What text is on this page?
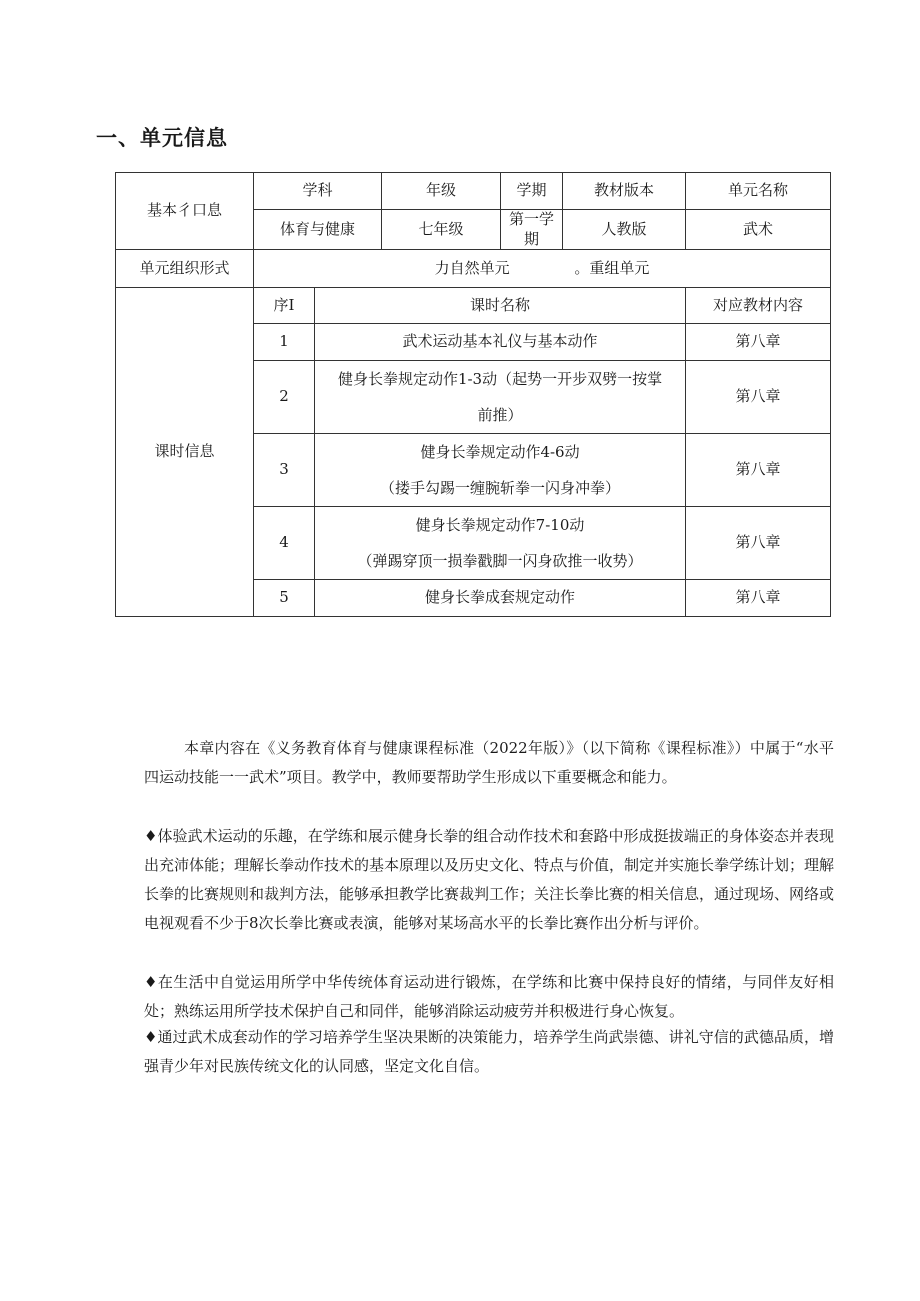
一、单元信息
基本彳口息	学科		年级	学期	教材版本	单元名称
	体育与健康		七年级	第一学期	人教版	武术
单元组织形式	力自然单元 。重组单元					
课时信息	序I	课时名称				对应教材内容
	1	武术运动基本礼仪与基本动作				第八章
	2	健身长拳规定动作1-3动（起势一开步双劈一按掌
前推）				第八章
	3	健身长拳规定动作4-6动
（搂手勾踢一缠腕斩拳一闪身冲拳）				第八章
	4	健身长拳规定动作7-10动
（弹踢穿顶一损拳戳脚一闪身砍推一收势）				第八章
	5	健身长拳成套规定动作				第八章

本章内容在《义务教育体育与健康课程标准（2022年版）》（以下简称《课程标准》）中属于“水平四运动技能一一武术”项目。教学中，教师要帮助学生形成以下重要概念和能力。

♦体验武术运动的乐趣，在学练和展示健身长拳的组合动作技术和套路中形成挺拔端正的身体姿态并表现出充沛体能；理解长拳动作技术的基本原理以及历史文化、特点与价值，制定并实施长拳学练计划；理解长拳的比赛规则和裁判方法，能够承担教学比赛裁判工作；关注长拳比赛的相关信息，通过现场、网络或电视观看不少于8次长拳比赛或表演，能够对某场高水平的长拳比赛作出分析与评价。

♦在生活中自觉运用所学中华传统体育运动进行锻炼，在学练和比赛中保持良好的情绪，与同伴友好相处；熟练运用所学技术保护自己和同伴，能够消除运动疲劳并积极进行身心恢复。

♦通过武术成套动作的学习培养学生坚决果断的决策能力，培养学生尚武崇德、讲礼守信的武德品质，增强青少年对民族传统文化的认同感，坚定文化自信。
